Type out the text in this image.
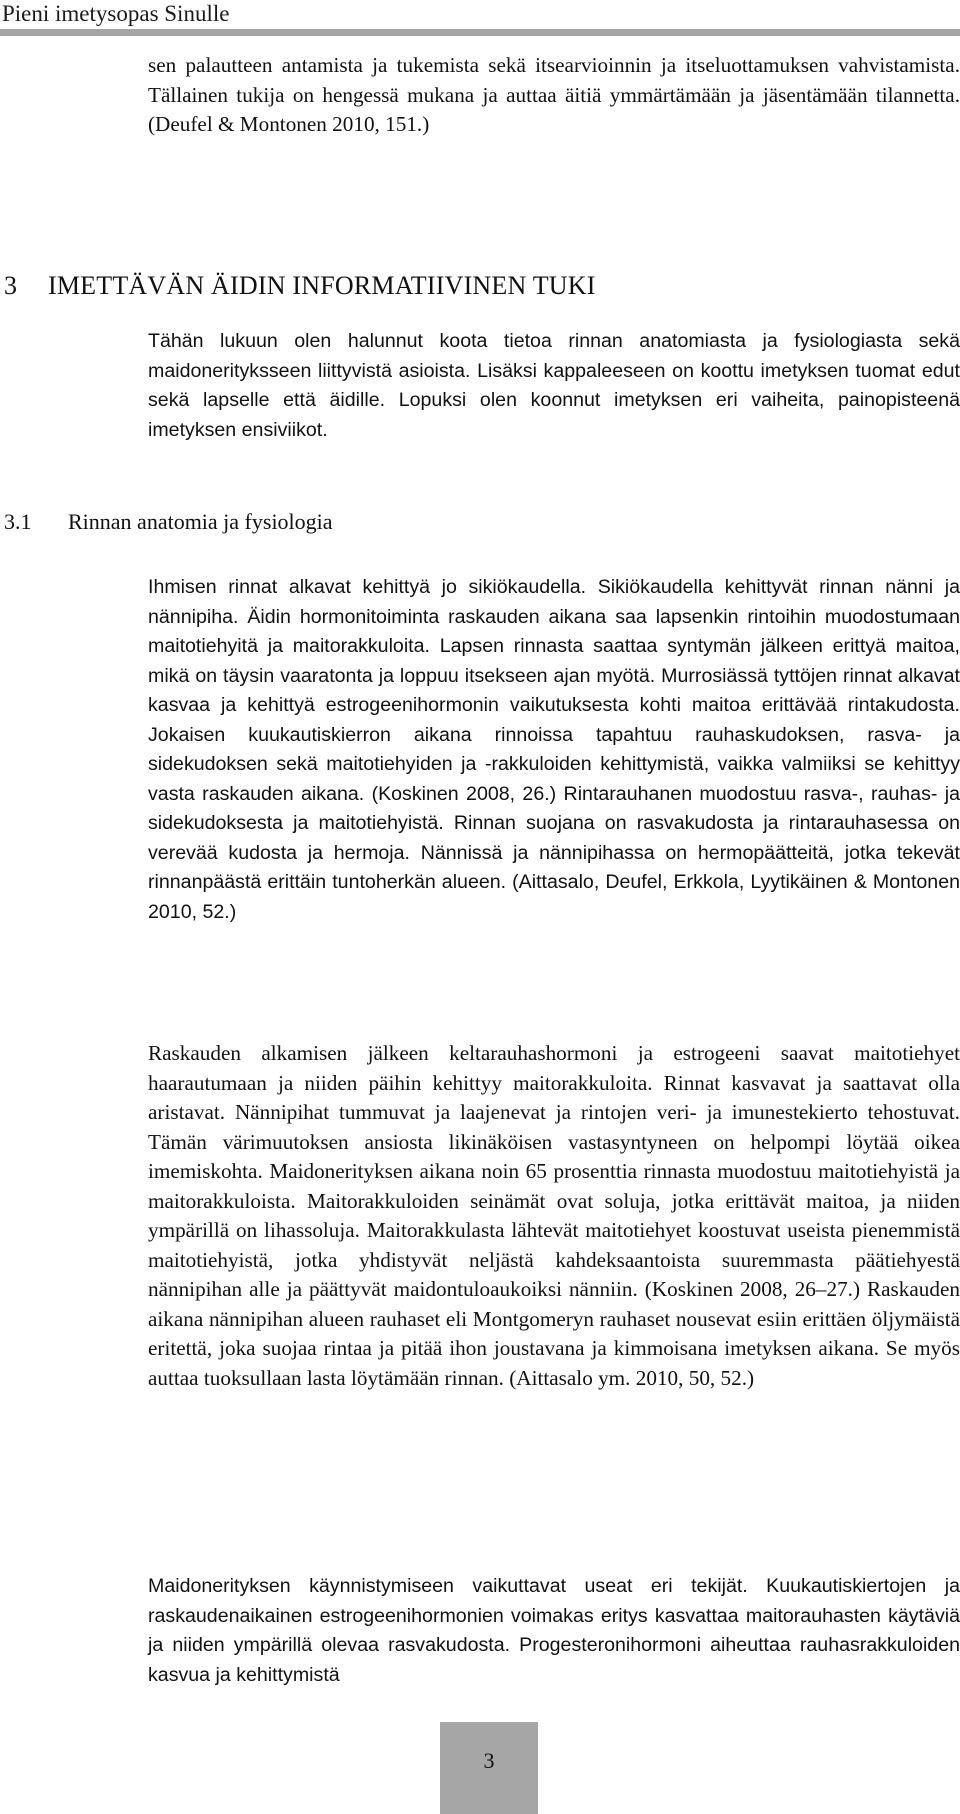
Pieni imetysopas Sinulle

sen palautteen antamista ja tukemista sekä itsearvioinnin ja itseluottamuksen vahvistamista. Tällainen tukija on hengessä mukana ja auttaa äitiä ymmärtämään ja jäsentämään tilannetta. (Deufel & Montonen 2010, 151.)

3 IMETTÄVÄN ÄIDIN INFORMATIIVINEN TUKI

Tähän lukuun olen halunnut koota tietoa rinnan anatomiasta ja fysiologiasta sekä maidonerityksseen liittyvistä asioista. Lisäksi kappaleeseen on koottu imetyksen tuomat edut sekä lapselle että äidille. Lopuksi olen koonnut imetyksen eri vaiheita, painopisteenä imetyksen ensiviikot.

3.1 Rinnan anatomia ja fysiologia

Ihmisen rinnat alkavat kehittyä jo sikiökaudella. Sikiökaudella kehittyvät rinnan nänni ja nännipiha. Äidin hormonitoiminta raskauden aikana saa lapsenkin rintoihin muodostumaan maitotiehyitä ja maitorakkuloita. Lapsen rinnasta saattaa syntymän jälkeen erittyä maitoa, mikä on täysin vaaratonta ja loppuu itsekseen ajan myötä. Murrosiässä tyttöjen rinnat alkavat kasvaa ja kehittyä estrogeenihormonin vaikutuksesta kohti maitoa erittävää rintakudosta. Jokaisen kuukautiskierron aikana rinnoissa tapahtuu rauhaskudoksen, rasva- ja sidekudoksen sekä maitotiehyiden ja -rakkuloiden kehittymistä, vaikka valmiiksi se kehittyy vasta raskauden aikana. (Koskinen 2008, 26.) Rintarauhanen muodostuu rasva-, rauhas- ja sidekudoksesta ja maitotiehyistä. Rinnan suojana on rasvakudosta ja rintarauhasessa on verevää kudosta ja hermoja. Nännissä ja nännipihassa on hermopäätteitä, jotka tekevät rinnanpäästä erittäin tuntoherkän alueen. (Aittasalo, Deufel, Erkkola, Lyytikäinen & Montonen 2010, 52.)

Raskauden alkamisen jälkeen keltarauhashormoni ja estrogeeni saavat maitotiehyet haarautumaan ja niiden päihin kehittyy maitorakkuloita. Rinnat kasvavat ja saattavat olla aristavat. Nännipihat tummuvat ja laajenevat ja rintojen veri- ja imunestekierto tehostuvat. Tämän värimuutoksen ansiosta likinäköisen vastasyntyneen on helpompi löytää oikea imemiskohta. Maidonerityksen aikana noin 65 prosenttia rinnasta muodostuu maitotiehyistä ja maitorakkuloista. Maitorakkuloiden seinämät ovat soluja, jotka erittävät maitoa, ja niiden ympärillä on lihassoluja. Maitorakkulasta lähtevät maitotiehyet koostuvat useista pienemmistä maitotiehyistä, jotka yhdistyvät neljästä kahdeksaantoista suuremmasta päätiehyestä nännipihan alle ja päättyvät maidontuloaukoiksi nänniin. (Koskinen 2008, 26–27.) Raskauden aikana nännipihan alueen rauhaset eli Montgomeryn rauhaset nousevat esiin erittäen öljymäistä eritettä, joka suojaa rintaa ja pitää ihon joustavana ja kimmoisana imetyksen aikana. Se myös auttaa tuoksullaan lasta löytämään rinnan. (Aittasalo ym. 2010, 50, 52.)

Maidonerityksen käynnistymiseen vaikuttavat useat eri tekijät. Kuukautiskiertojen ja raskaudenaikainen estrogeenihormonien voimakas eritys kasvattaa maitorauhasten käytäviä ja niiden ympärillä olevaa rasvakudosta. Progesteronihormoni aiheuttaa rauhasrakkuloiden kasvua ja kehittymistä

3
